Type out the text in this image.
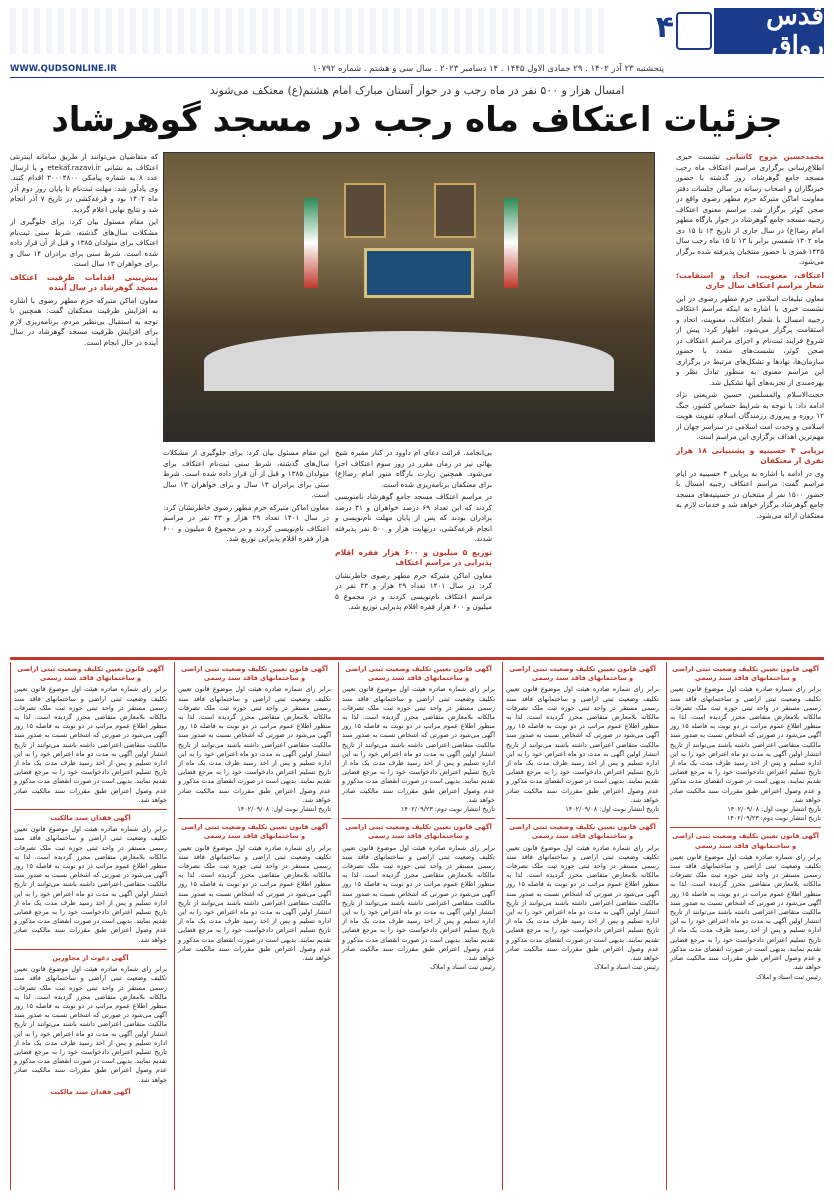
قدس رواق
۴
WWW.QUDSONLINE.IR	پنجشنبه ۲۳ آذر ۱۴۰۲ . ۲۹ جمادی الاول ۱۴۴۵ . ۱۴ دسامبر ۲۰۲۳ . سال سی و هشتم . شماره ۱۰۷۹۲
امسال هزار و ۵۰۰ نفر در ماه رجب و در جوار آستان مبارک امام هشتم(ع) معتکف می‌شوند
جزئیات اعتکاف ماه رجب در مسجد گوهرشاد

محمدحسین مروج کاشانی نشست خبری اطلاع‌رسانی برگزاری مراسم اعتکاف ماه رجب مسجد جامع گوهرشاد، روز گذشته با حضور خبرنگاران و اصحاب رسانه در سالن جلسات دفتر معاونت اماکن متبرکه حرم مطهر رضوی واقع در صحن کوثر برگزار شد. مراسم معنوی اعتکاف رجبیه مسجد جامع گوهرشاد در جوار بارگاه مطهر امام رضا(ع) در سال جاری از تاریخ ۱۳ تا ۱۵ دی ماه ۱۴۰۲ شمسی برابر با ۱۳ تا ۱۵ ماه رجب سال ۱۴۴۵ قمری با حضور منتخبان پذیرفته شده برگزار می‌شود.

اعتکاف، معنویت، اتحاد و استقامت؛ شعار مراسم اعتکاف سال جاری

معاون تبلیغات اسلامی حرم مطهر رضوی در این نشست خبری با اشاره به اینکه مراسم اعتکاف رجبیه امسال با شعار اعتکاف، معنویت، اتحاد و استقامت برگزار می‌شود، اظهار کرد: پیش از شروع فرایند ثبت‌نام و اجرای مراسم اعتکاف در صحن کوثر، نشست‌های متعدد با حضور سازمان‌ها، نهادها و تشکل‌های مرتبط در برگزاری این مراسم معنوی به منظور تبادل نظر و بهره‌مندی از تجربه‌های آنها تشکیل شد.

حجت‌الاسلام والمسلمین حسین شریعتی نژاد ادامه داد: با توجه به شرایط حساس کشور، جنگ ۱۲ روزه و پیروزی رزمندگان اسلام، تقویت هویت اسلامی و وحدت امت اسلامی در سراسر جهان از مهم‌ترین اهداف برگزاری این مراسم است.

برپایی ۴ حسینیه و پشتیبانی ۱۸ هزار نفری از معتکفان

وی در ادامه با اشاره به برپایی ۴ حسینیه در ایام مراسم گفت: مراسم اعتکاف رجبیه امسال با حضور ۱۵۰۰ نفر از منتخبان در حسینیه‌های مسجد جامع گوهرشاد برگزار خواهد شد و خدمات لازم به معتکفان ارائه می‌شود.

بی‌انجامد. قرائت دعای ام داوود در کنار مقبره شیخ بهائی نیز در زمان مقرر در روز سوم اعتکاف اجرا می‌شود. همچنین زیارت بارگاه منور امام رضا(ع) برای معتکفان برنامه‌ریزی شده است.

در مراسم اعتکاف مسجد جامع گوهرشاد نامنویسی کردند که این تعداد ۶۹ درصد خواهران و ۳۱ درصد برادران بودند که پس از پایان مهلت نام‌نویسی و انجام قرعه‌کشی، درنهایت هزار و ۵۰۰ نفر پذیرفته شدند.

توزیع ۵ میلیون و ۶۰۰ هزار فقره اقلام پذیرایی در مراسم اعتکاف

معاون اماکن متبرکه حرم مطهر رضوی خاطرنشان کرد: در سال ۱۴۰۱ تعداد ۲۹ هزار و ۴۳ نفر در مراسم اعتکاف نام‌نویسی کردند و در مجموع ۵ میلیون و ۶۰۰ هزار فقره اقلام پذیرایی توزیع شد.

که متقاضیان می‌توانند از طریق سامانه اینترنتی اعتکاف به نشانی etekaf.razavi.ir و یا ارسال عدد ۸ به شماره پیامکی ۳۰۰۰۴۸۰۰ اقدام کنند. وی یادآور شد: مهلت ثبت‌نام تا پایان روز دوم آذر ماه ۱۴۰۲ بود و قرعه‌کشی در تاریخ ۷ آذر انجام شد و نتایج نهایی اعلام گردید.

این مقام مسئول بیان کرد: برای جلوگیری از مشکلات سال‌های گذشته، شرط سنی ثبت‌نام اعتکاف برای متولدان ۱۳۸۵ و قبل از آن قرار داده شده است. شرط سنی برای برادران ۱۴ سال و برای خواهران ۱۳ سال است.

پیش‌بینی اقدامات ظرفیت اعتکاف مسجد گوهرشاد در سال آینده

معاون اماکن متبرکه حرم مطهر رضوی با اشاره به افزایش ظرفیت معتکفان گفت: همچنین با توجه به استقبال بی‌نظیر مردم، برنامه‌ریزی لازم برای افزایش ظرفیت مسجد گوهرشاد در سال آینده در حال انجام است.

این مقام مسئول بیان کرد: برای جلوگیری از مشکلات سال‌های گذشته، شرط سنی ثبت‌نام اعتکاف برای متولدان ۱۳۸۵ و قبل از آن قرار داده شده است. شرط سنی برای برادران ۱۴ سال و برای خواهران ۱۳ سال است.

معاون اماکن متبرکه حرم مطهر رضوی خاطرنشان کرد: در سال ۱۴۰۱ تعداد ۲۹ هزار و ۴۳ نفر در مراسم اعتکاف نام‌نویسی کردند و در مجموع ۵ میلیون و ۶۰۰ هزار فقره اقلام پذیرایی توزیع شد.

آگهی قانون تعیین تکلیف وضعیت ثبتی اراضی و ساختمانهای فاقد سند رسمی

برابر رای شماره صادره هیئت اول موضوع قانون تعیین تکلیف وضعیت ثبتی اراضی و ساختمانهای فاقد سند رسمی مستقر در واحد ثبتی حوزه ثبت ملک تصرفات مالکانه بلامعارض متقاضی محرز گردیده است. لذا به منظور اطلاع عموم مراتب در دو نوبت به فاصله ۱۵ روز آگهی می‌شود در صورتی که اشخاص نسبت به صدور سند مالکیت متقاضی اعتراضی داشته باشند می‌توانند از تاریخ انتشار اولین آگهی به مدت دو ماه اعتراض خود را به این اداره تسلیم و پس از اخذ رسید ظرف مدت یک ماه از تاریخ تسلیم اعتراض دادخواست خود را به مرجع قضایی تقدیم نمایند. بدیهی است در صورت انقضای مدت مذکور و عدم وصول اعتراض طبق مقررات سند مالکیت صادر خواهد شد.

تاریخ انتشار نوبت اول: ۱۴۰۲/۰۹/۰۸

تاریخ انتشار نوبت دوم: ۱۴۰۲/۰۹/۲۳

آگهی قانون تعیین تکلیف وضعیت ثبتی اراضی و ساختمانهای فاقد سند رسمی

برابر رای شماره صادره هیئت اول موضوع قانون تعیین تکلیف وضعیت ثبتی اراضی و ساختمانهای فاقد سند رسمی مستقر در واحد ثبتی حوزه ثبت ملک تصرفات مالکانه بلامعارض متقاضی محرز گردیده است. لذا به منظور اطلاع عموم مراتب در دو نوبت به فاصله ۱۵ روز آگهی می‌شود در صورتی که اشخاص نسبت به صدور سند مالکیت متقاضی اعتراضی داشته باشند می‌توانند از تاریخ انتشار اولین آگهی به مدت دو ماه اعتراض خود را به این اداره تسلیم و پس از اخذ رسید ظرف مدت یک ماه از تاریخ تسلیم اعتراض دادخواست خود را به مرجع قضایی تقدیم نمایند. بدیهی است در صورت انقضای مدت مذکور و عدم وصول اعتراض طبق مقررات سند مالکیت صادر خواهد شد.

رئیس ثبت اسناد و املاک

آگهی قانون تعیین تکلیف وضعیت ثبتی اراضی و ساختمانهای فاقد سند رسمی

برابر رای شماره صادره هیئت اول موضوع قانون تعیین تکلیف وضعیت ثبتی اراضی و ساختمانهای فاقد سند رسمی مستقر در واحد ثبتی حوزه ثبت ملک تصرفات مالکانه بلامعارض متقاضی محرز گردیده است. لذا به منظور اطلاع عموم مراتب در دو نوبت به فاصله ۱۵ روز آگهی می‌شود در صورتی که اشخاص نسبت به صدور سند مالکیت متقاضی اعتراضی داشته باشند می‌توانند از تاریخ انتشار اولین آگهی به مدت دو ماه اعتراض خود را به این اداره تسلیم و پس از اخذ رسید ظرف مدت یک ماه از تاریخ تسلیم اعتراض دادخواست خود را به مرجع قضایی تقدیم نمایند. بدیهی است در صورت انقضای مدت مذکور و عدم وصول اعتراض طبق مقررات سند مالکیت صادر خواهد شد.

تاریخ انتشار نوبت اول: ۱۴۰۲/۰۹/۰۸

آگهی قانون تعیین تکلیف وضعیت ثبتی اراضی و ساختمانهای فاقد سند رسمی

برابر رای شماره صادره هیئت اول موضوع قانون تعیین تکلیف وضعیت ثبتی اراضی و ساختمانهای فاقد سند رسمی مستقر در واحد ثبتی حوزه ثبت ملک تصرفات مالکانه بلامعارض متقاضی محرز گردیده است. لذا به منظور اطلاع عموم مراتب در دو نوبت به فاصله ۱۵ روز آگهی می‌شود در صورتی که اشخاص نسبت به صدور سند مالکیت متقاضی اعتراضی داشته باشند می‌توانند از تاریخ انتشار اولین آگهی به مدت دو ماه اعتراض خود را به این اداره تسلیم و پس از اخذ رسید ظرف مدت یک ماه از تاریخ تسلیم اعتراض دادخواست خود را به مرجع قضایی تقدیم نمایند. بدیهی است در صورت انقضای مدت مذکور و عدم وصول اعتراض طبق مقررات سند مالکیت صادر خواهد شد.

رئیس ثبت اسناد و املاک

آگهی قانون تعیین تکلیف وضعیت ثبتی اراضی و ساختمانهای فاقد سند رسمی

برابر رای شماره صادره هیئت اول موضوع قانون تعیین تکلیف وضعیت ثبتی اراضی و ساختمانهای فاقد سند رسمی مستقر در واحد ثبتی حوزه ثبت ملک تصرفات مالکانه بلامعارض متقاضی محرز گردیده است. لذا به منظور اطلاع عموم مراتب در دو نوبت به فاصله ۱۵ روز آگهی می‌شود در صورتی که اشخاص نسبت به صدور سند مالکیت متقاضی اعتراضی داشته باشند می‌توانند از تاریخ انتشار اولین آگهی به مدت دو ماه اعتراض خود را به این اداره تسلیم و پس از اخذ رسید ظرف مدت یک ماه از تاریخ تسلیم اعتراض دادخواست خود را به مرجع قضایی تقدیم نمایند. بدیهی است در صورت انقضای مدت مذکور و عدم وصول اعتراض طبق مقررات سند مالکیت صادر خواهد شد.

تاریخ انتشار نوبت دوم: ۱۴۰۲/۰۹/۲۳

آگهی قانون تعیین تکلیف وضعیت ثبتی اراضی و ساختمانهای فاقد سند رسمی

برابر رای شماره صادره هیئت اول موضوع قانون تعیین تکلیف وضعیت ثبتی اراضی و ساختمانهای فاقد سند رسمی مستقر در واحد ثبتی حوزه ثبت ملک تصرفات مالکانه بلامعارض متقاضی محرز گردیده است. لذا به منظور اطلاع عموم مراتب در دو نوبت به فاصله ۱۵ روز آگهی می‌شود در صورتی که اشخاص نسبت به صدور سند مالکیت متقاضی اعتراضی داشته باشند می‌توانند از تاریخ انتشار اولین آگهی به مدت دو ماه اعتراض خود را به این اداره تسلیم و پس از اخذ رسید ظرف مدت یک ماه از تاریخ تسلیم اعتراض دادخواست خود را به مرجع قضایی تقدیم نمایند. بدیهی است در صورت انقضای مدت مذکور و عدم وصول اعتراض طبق مقررات سند مالکیت صادر خواهد شد.

رئیس ثبت اسناد و املاک

آگهی قانون تعیین تکلیف وضعیت ثبتی اراضی و ساختمانهای فاقد سند رسمی

برابر رای شماره صادره هیئت اول موضوع قانون تعیین تکلیف وضعیت ثبتی اراضی و ساختمانهای فاقد سند رسمی مستقر در واحد ثبتی حوزه ثبت ملک تصرفات مالکانه بلامعارض متقاضی محرز گردیده است. لذا به منظور اطلاع عموم مراتب در دو نوبت به فاصله ۱۵ روز آگهی می‌شود در صورتی که اشخاص نسبت به صدور سند مالکیت متقاضی اعتراضی داشته باشند می‌توانند از تاریخ انتشار اولین آگهی به مدت دو ماه اعتراض خود را به این اداره تسلیم و پس از اخذ رسید ظرف مدت یک ماه از تاریخ تسلیم اعتراض دادخواست خود را به مرجع قضایی تقدیم نمایند. بدیهی است در صورت انقضای مدت مذکور و عدم وصول اعتراض طبق مقررات سند مالکیت صادر خواهد شد.

تاریخ انتشار نوبت اول: ۱۴۰۲/۰۹/۰۸

آگهی قانون تعیین تکلیف وضعیت ثبتی اراضی و ساختمانهای فاقد سند رسمی

برابر رای شماره صادره هیئت اول موضوع قانون تعیین تکلیف وضعیت ثبتی اراضی و ساختمانهای فاقد سند رسمی مستقر در واحد ثبتی حوزه ثبت ملک تصرفات مالکانه بلامعارض متقاضی محرز گردیده است. لذا به منظور اطلاع عموم مراتب در دو نوبت به فاصله ۱۵ روز آگهی می‌شود در صورتی که اشخاص نسبت به صدور سند مالکیت متقاضی اعتراضی داشته باشند می‌توانند از تاریخ انتشار اولین آگهی به مدت دو ماه اعتراض خود را به این اداره تسلیم و پس از اخذ رسید ظرف مدت یک ماه از تاریخ تسلیم اعتراض دادخواست خود را به مرجع قضایی تقدیم نمایند. بدیهی است در صورت انقضای مدت مذکور و عدم وصول اعتراض طبق مقررات سند مالکیت صادر خواهد شد.

آگهی قانون تعیین تکلیف وضعیت ثبتی اراضی و ساختمانهای فاقد سند رسمی

برابر رای شماره صادره هیئت اول موضوع قانون تعیین تکلیف وضعیت ثبتی اراضی و ساختمانهای فاقد سند رسمی مستقر در واحد ثبتی حوزه ثبت ملک تصرفات مالکانه بلامعارض متقاضی محرز گردیده است. لذا به منظور اطلاع عموم مراتب در دو نوبت به فاصله ۱۵ روز آگهی می‌شود در صورتی که اشخاص نسبت به صدور سند مالکیت متقاضی اعتراضی داشته باشند می‌توانند از تاریخ انتشار اولین آگهی به مدت دو ماه اعتراض خود را به این اداره تسلیم و پس از اخذ رسید ظرف مدت یک ماه از تاریخ تسلیم اعتراض دادخواست خود را به مرجع قضایی تقدیم نمایند. بدیهی است در صورت انقضای مدت مذکور و عدم وصول اعتراض طبق مقررات سند مالکیت صادر خواهد شد.

آگهی فقدان سند مالکیت

برابر رای شماره صادره هیئت اول موضوع قانون تعیین تکلیف وضعیت ثبتی اراضی و ساختمانهای فاقد سند رسمی مستقر در واحد ثبتی حوزه ثبت ملک تصرفات مالکانه بلامعارض متقاضی محرز گردیده است. لذا به منظور اطلاع عموم مراتب در دو نوبت به فاصله ۱۵ روز آگهی می‌شود در صورتی که اشخاص نسبت به صدور سند مالکیت متقاضی اعتراضی داشته باشند می‌توانند از تاریخ انتشار اولین آگهی به مدت دو ماه اعتراض خود را به این اداره تسلیم و پس از اخذ رسید ظرف مدت یک ماه از تاریخ تسلیم اعتراض دادخواست خود را به مرجع قضایی تقدیم نمایند. بدیهی است در صورت انقضای مدت مذکور و عدم وصول اعتراض طبق مقررات سند مالکیت صادر خواهد شد.

آگهی دعوت از مجاورین

برابر رای شماره صادره هیئت اول موضوع قانون تعیین تکلیف وضعیت ثبتی اراضی و ساختمانهای فاقد سند رسمی مستقر در واحد ثبتی حوزه ثبت ملک تصرفات مالکانه بلامعارض متقاضی محرز گردیده است. لذا به منظور اطلاع عموم مراتب در دو نوبت به فاصله ۱۵ روز آگهی می‌شود در صورتی که اشخاص نسبت به صدور سند مالکیت متقاضی اعتراضی داشته باشند می‌توانند از تاریخ انتشار اولین آگهی به مدت دو ماه اعتراض خود را به این اداره تسلیم و پس از اخذ رسید ظرف مدت یک ماه از تاریخ تسلیم اعتراض دادخواست خود را به مرجع قضایی تقدیم نمایند. بدیهی است در صورت انقضای مدت مذکور و عدم وصول اعتراض طبق مقررات سند مالکیت صادر خواهد شد.

آگهی فقدان سند مالکیت
